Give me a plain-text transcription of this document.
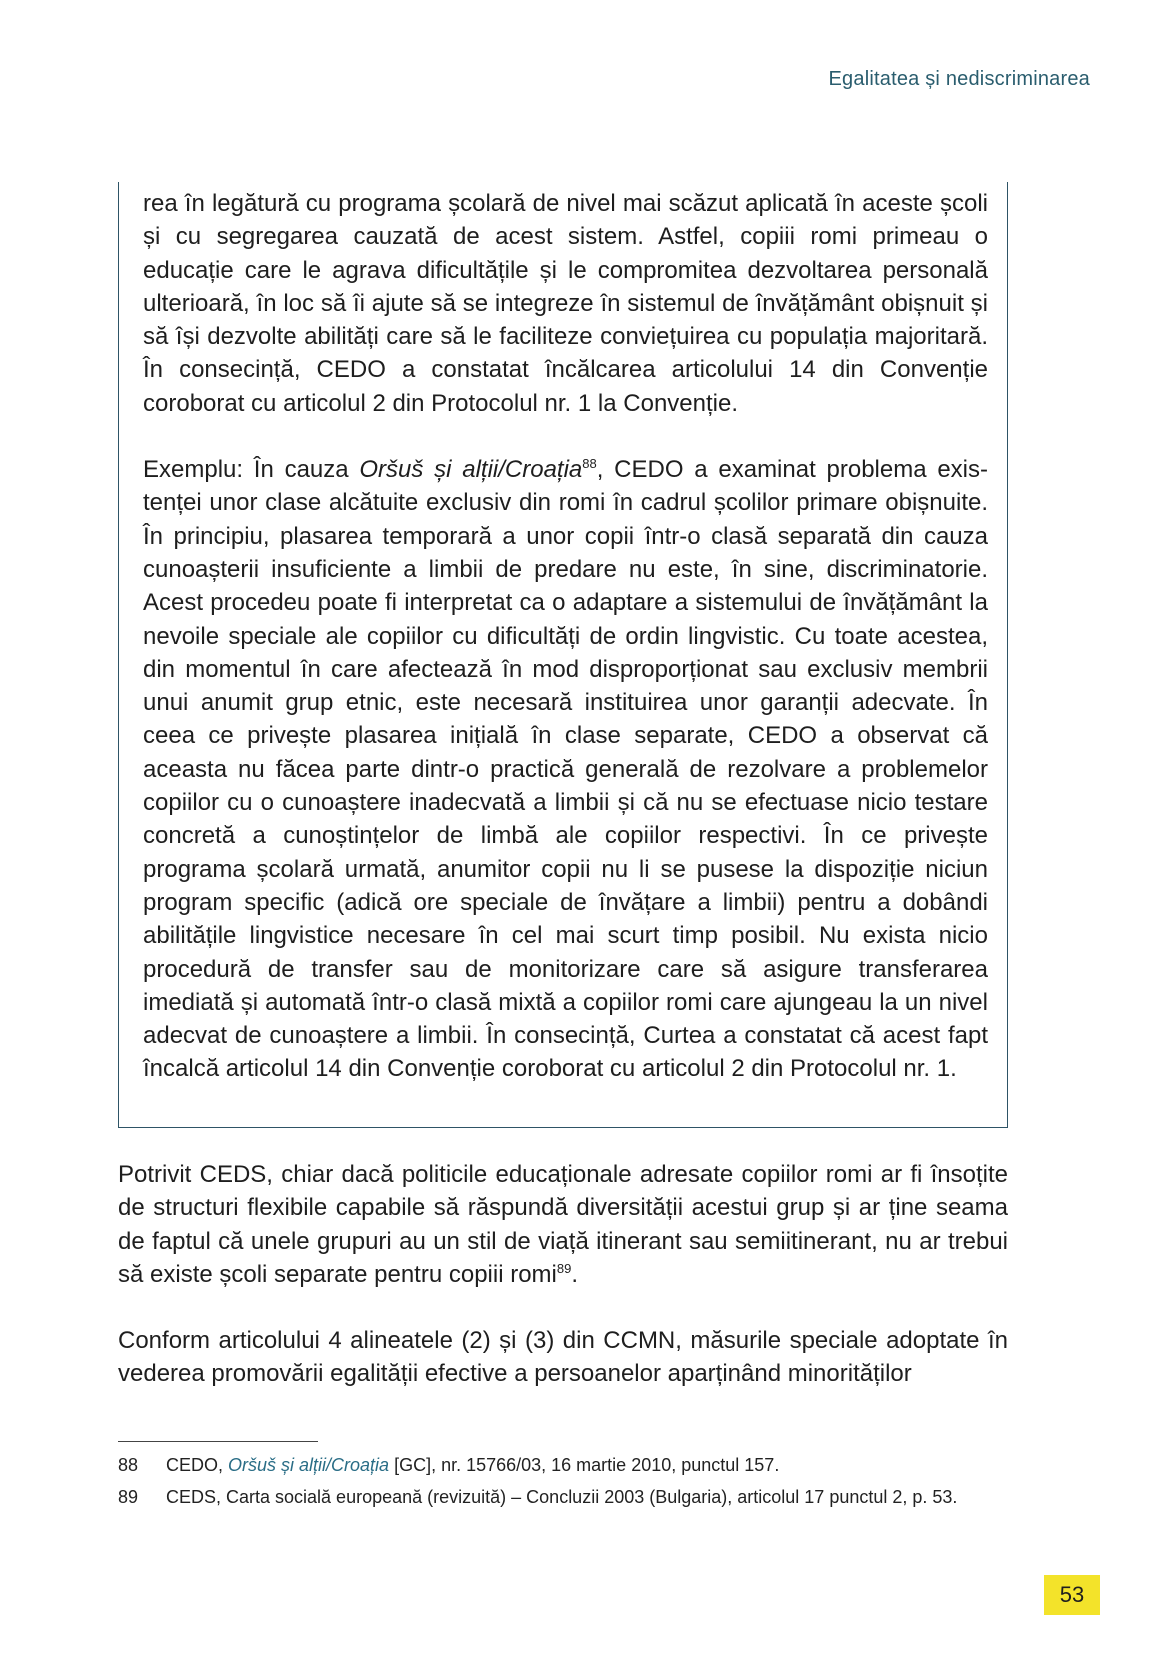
Egalitatea și nediscriminarea

rea în legătură cu programa școlară de nivel mai scăzut aplicată în aceste școli și cu segregarea cauzată de acest sistem. Astfel, copiii romi primeau o educație care le agrava dificultățile și le compromitea dezvoltarea personală ulterioară, în loc să îi ajute să se integreze în sistemul de învățământ obișnuit și să își dezvolte abilități care să le faciliteze conviețuirea cu populația majoritară. În consecință, CEDO a constatat încălcarea articolului 14 din Convenție coroborat cu articolul 2 din Protocolul nr. 1 la Convenție.

Exemplu: În cauza Oršuš și alții/Croația$^{88}$, CEDO a examinat problema existenței unor clase alcătuite exclusiv din romi în cadrul școlilor primare obișnuite. În principiu, plasarea temporară a unor copii într-o clasă separată din cauza cunoașterii insuficiente a limbii de predare nu este, în sine, discriminatorie. Acest procedeu poate fi interpretat ca o adaptare a sistemului de învățământ la nevoile speciale ale copiilor cu dificultăți de ordin lingvistic. Cu toate acestea, din momentul în care afectează în mod disproporționat sau exclusiv membrii unui anumit grup etnic, este necesară instituirea unor garanții adecvate. În ceea ce privește plasarea inițială în clase separate, CEDO a observat că aceasta nu făcea parte dintr-o practică generală de rezolvare a problemelor copiilor cu o cunoaștere inadecvată a limbii și că nu se efectuase nicio testare concretă a cunoștințelor de limbă ale copiilor respectivi. În ce privește programa școlară urmată, anumitor copii nu li se pusese la dispoziție niciun program specific (adică ore speciale de învățare a limbii) pentru a dobândi abilitățile lingvistice necesare în cel mai scurt timp posibil. Nu exista nicio procedură de transfer sau de monitorizare care să asigure transferarea imediată și automată într-o clasă mixtă a copiilor romi care ajungeau la un nivel adecvat de cunoaștere a limbii. În consecință, Curtea a constatat că acest fapt încalcă articolul 14 din Convenție coroborat cu articolul 2 din Protocolul nr. 1.

Potrivit CEDS, chiar dacă politicile educaționale adresate copiilor romi ar fi însoțite de structuri flexibile capabile să răspundă diversității acestui grup și ar ține seama de faptul că unele grupuri au un stil de viață itinerant sau semiitinerant, nu ar trebui să existe școli separate pentru copiii romi$^{89}$.

Conform articolului 4 alineatele (2) și (3) din CCMN, măsurile speciale adoptate în vederea promovării egalității efective a persoanelor aparținând minorităților

88	CEDO, Oršuš și alții/Croația [GC], nr. 15766/03, 16 martie 2010, punctul 157.
89	CEDS, Carta socială europeană (revizuită) – Concluzii 2003 (Bulgaria), articolul 17 punctul 2, p. 53.
53
